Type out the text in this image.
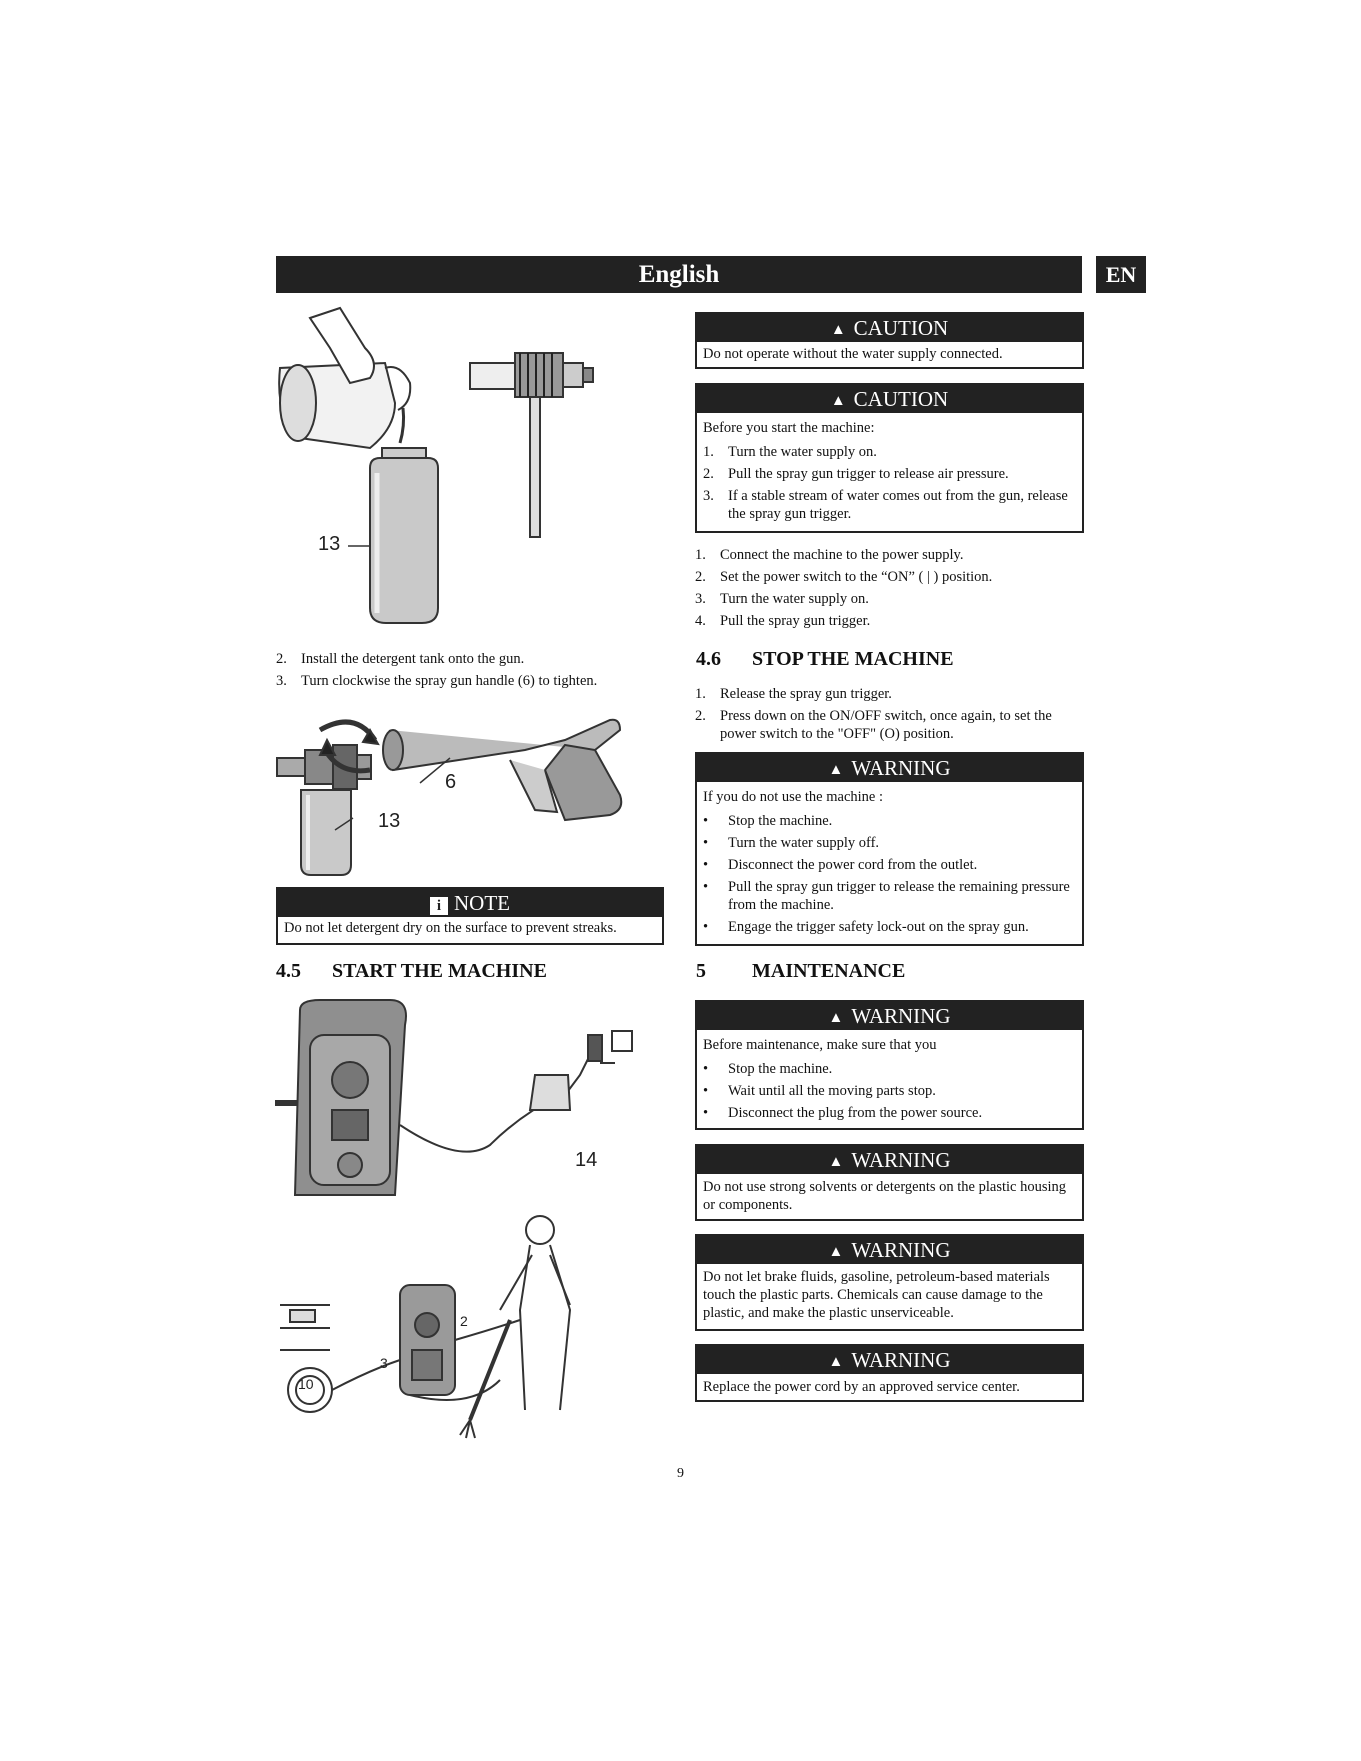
English	EN
13
2. Install the detergent tank onto the gun.
3. Turn clockwise the spray gun handle (6) to tighten.
6
13
i NOTE
Do not let detergent dry on the surface to prevent streaks.
4.5 START THE MACHINE
14
10
3
2
▲ CAUTION
Do not operate without the water supply connected.
▲ CAUTION

Before you start the machine:

1. Turn the water supply on.
2. Pull the spray gun trigger to release air pressure.
3. If a stable stream of water comes out from the gun, release the spray gun trigger.
1. Connect the machine to the power supply.
2. Set the power switch to the “ON” ( | ) position.
3. Turn the water supply on.
4. Pull the spray gun trigger.
4.6 STOP THE MACHINE
1. Release the spray gun trigger.
2. Press down on the ON/OFF switch, once again, to set the power switch to the "OFF" (O) position.
▲ WARNING

If you do not use the machine :

• Stop the machine.
• Turn the water supply off.
• Disconnect the power cord from the outlet.
• Pull the spray gun trigger to release the remaining pressure from the machine.
• Engage the trigger safety lock-out on the spray gun.
5 MAINTENANCE
▲ WARNING

Before maintenance, make sure that you

• Stop the machine.
• Wait until all the moving parts stop.
• Disconnect the plug from the power source.
▲ WARNING
Do not use strong solvents or detergents on the plastic housing or components.
▲ WARNING
Do not let brake fluids, gasoline, petroleum-based materials touch the plastic parts. Chemicals can cause damage to the plastic, and make the plastic unserviceable.
▲ WARNING
Replace the power cord by an approved service center.
9
